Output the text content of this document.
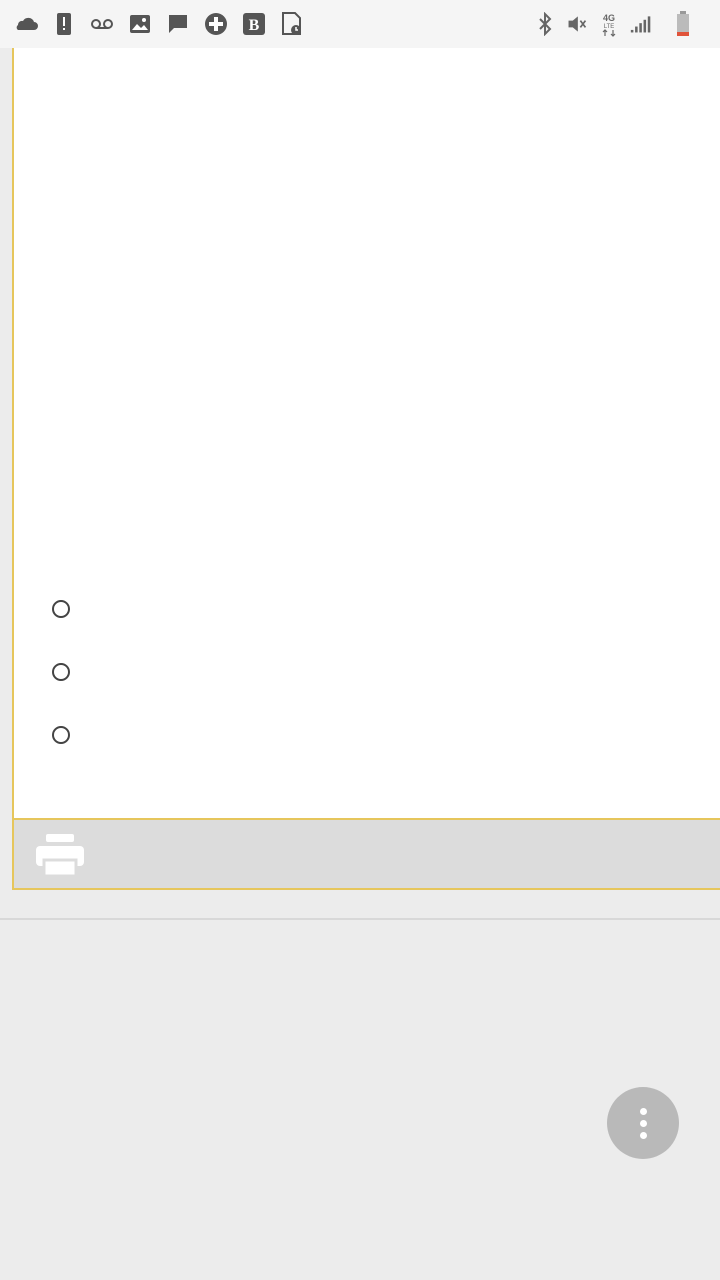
B	4G
LTE
